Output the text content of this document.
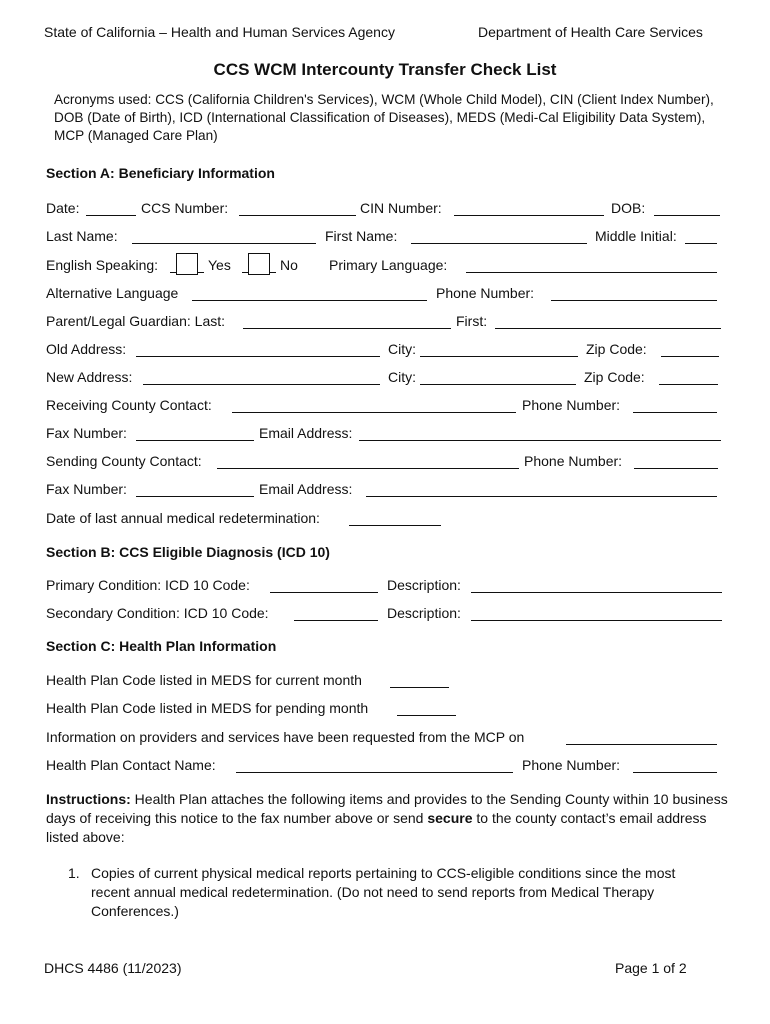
State of California – Health and Human Services Agency	Department of Health Care Services
CCS WCM Intercounty Transfer Check List
Acronyms used: CCS (California Children's Services), WCM (Whole Child Model), CIN (Client Index Number), DOB (Date of Birth), ICD (International Classification of Diseases), MEDS (Medi-Cal Eligibility Data System), MCP (Managed Care Plan)
Section A: Beneficiary Information
Date:	CCS Number:	CIN Number:	DOB:
Last Name:	First Name:	Middle Initial:
English Speaking:	Yes	No Primary Language:
Alternative Language	Phone Number:
Parent/Legal Guardian: Last:	First:
Old Address:	City:	Zip Code:
New Address:	City:	Zip Code:
Receiving County Contact:	Phone Number:
Fax Number:	Email Address:
Sending County Contact:	Phone Number:
Fax Number:	Email Address:
Date of last annual medical redetermination:
Section B: CCS Eligible Diagnosis (ICD 10)
Primary Condition: ICD 10 Code:	Description:
Secondary Condition: ICD 10 Code:	Description:
Section C: Health Plan Information
Health Plan Code listed in MEDS for current month
Health Plan Code listed in MEDS for pending month
Information on providers and services have been requested from the MCP on
Health Plan Contact Name:	Phone Number:
Instructions: Health Plan attaches the following items and provides to the Sending County within 10 business days of receiving this notice to the fax number above or send secure to the county contact’s email address listed above:
1. Copies of current physical medical reports pertaining to CCS-eligible conditions since the most recent annual medical redetermination. (Do not need to send reports from Medical Therapy Conferences.)
DHCS 4486 (11/2023)	Page 1 of 2
